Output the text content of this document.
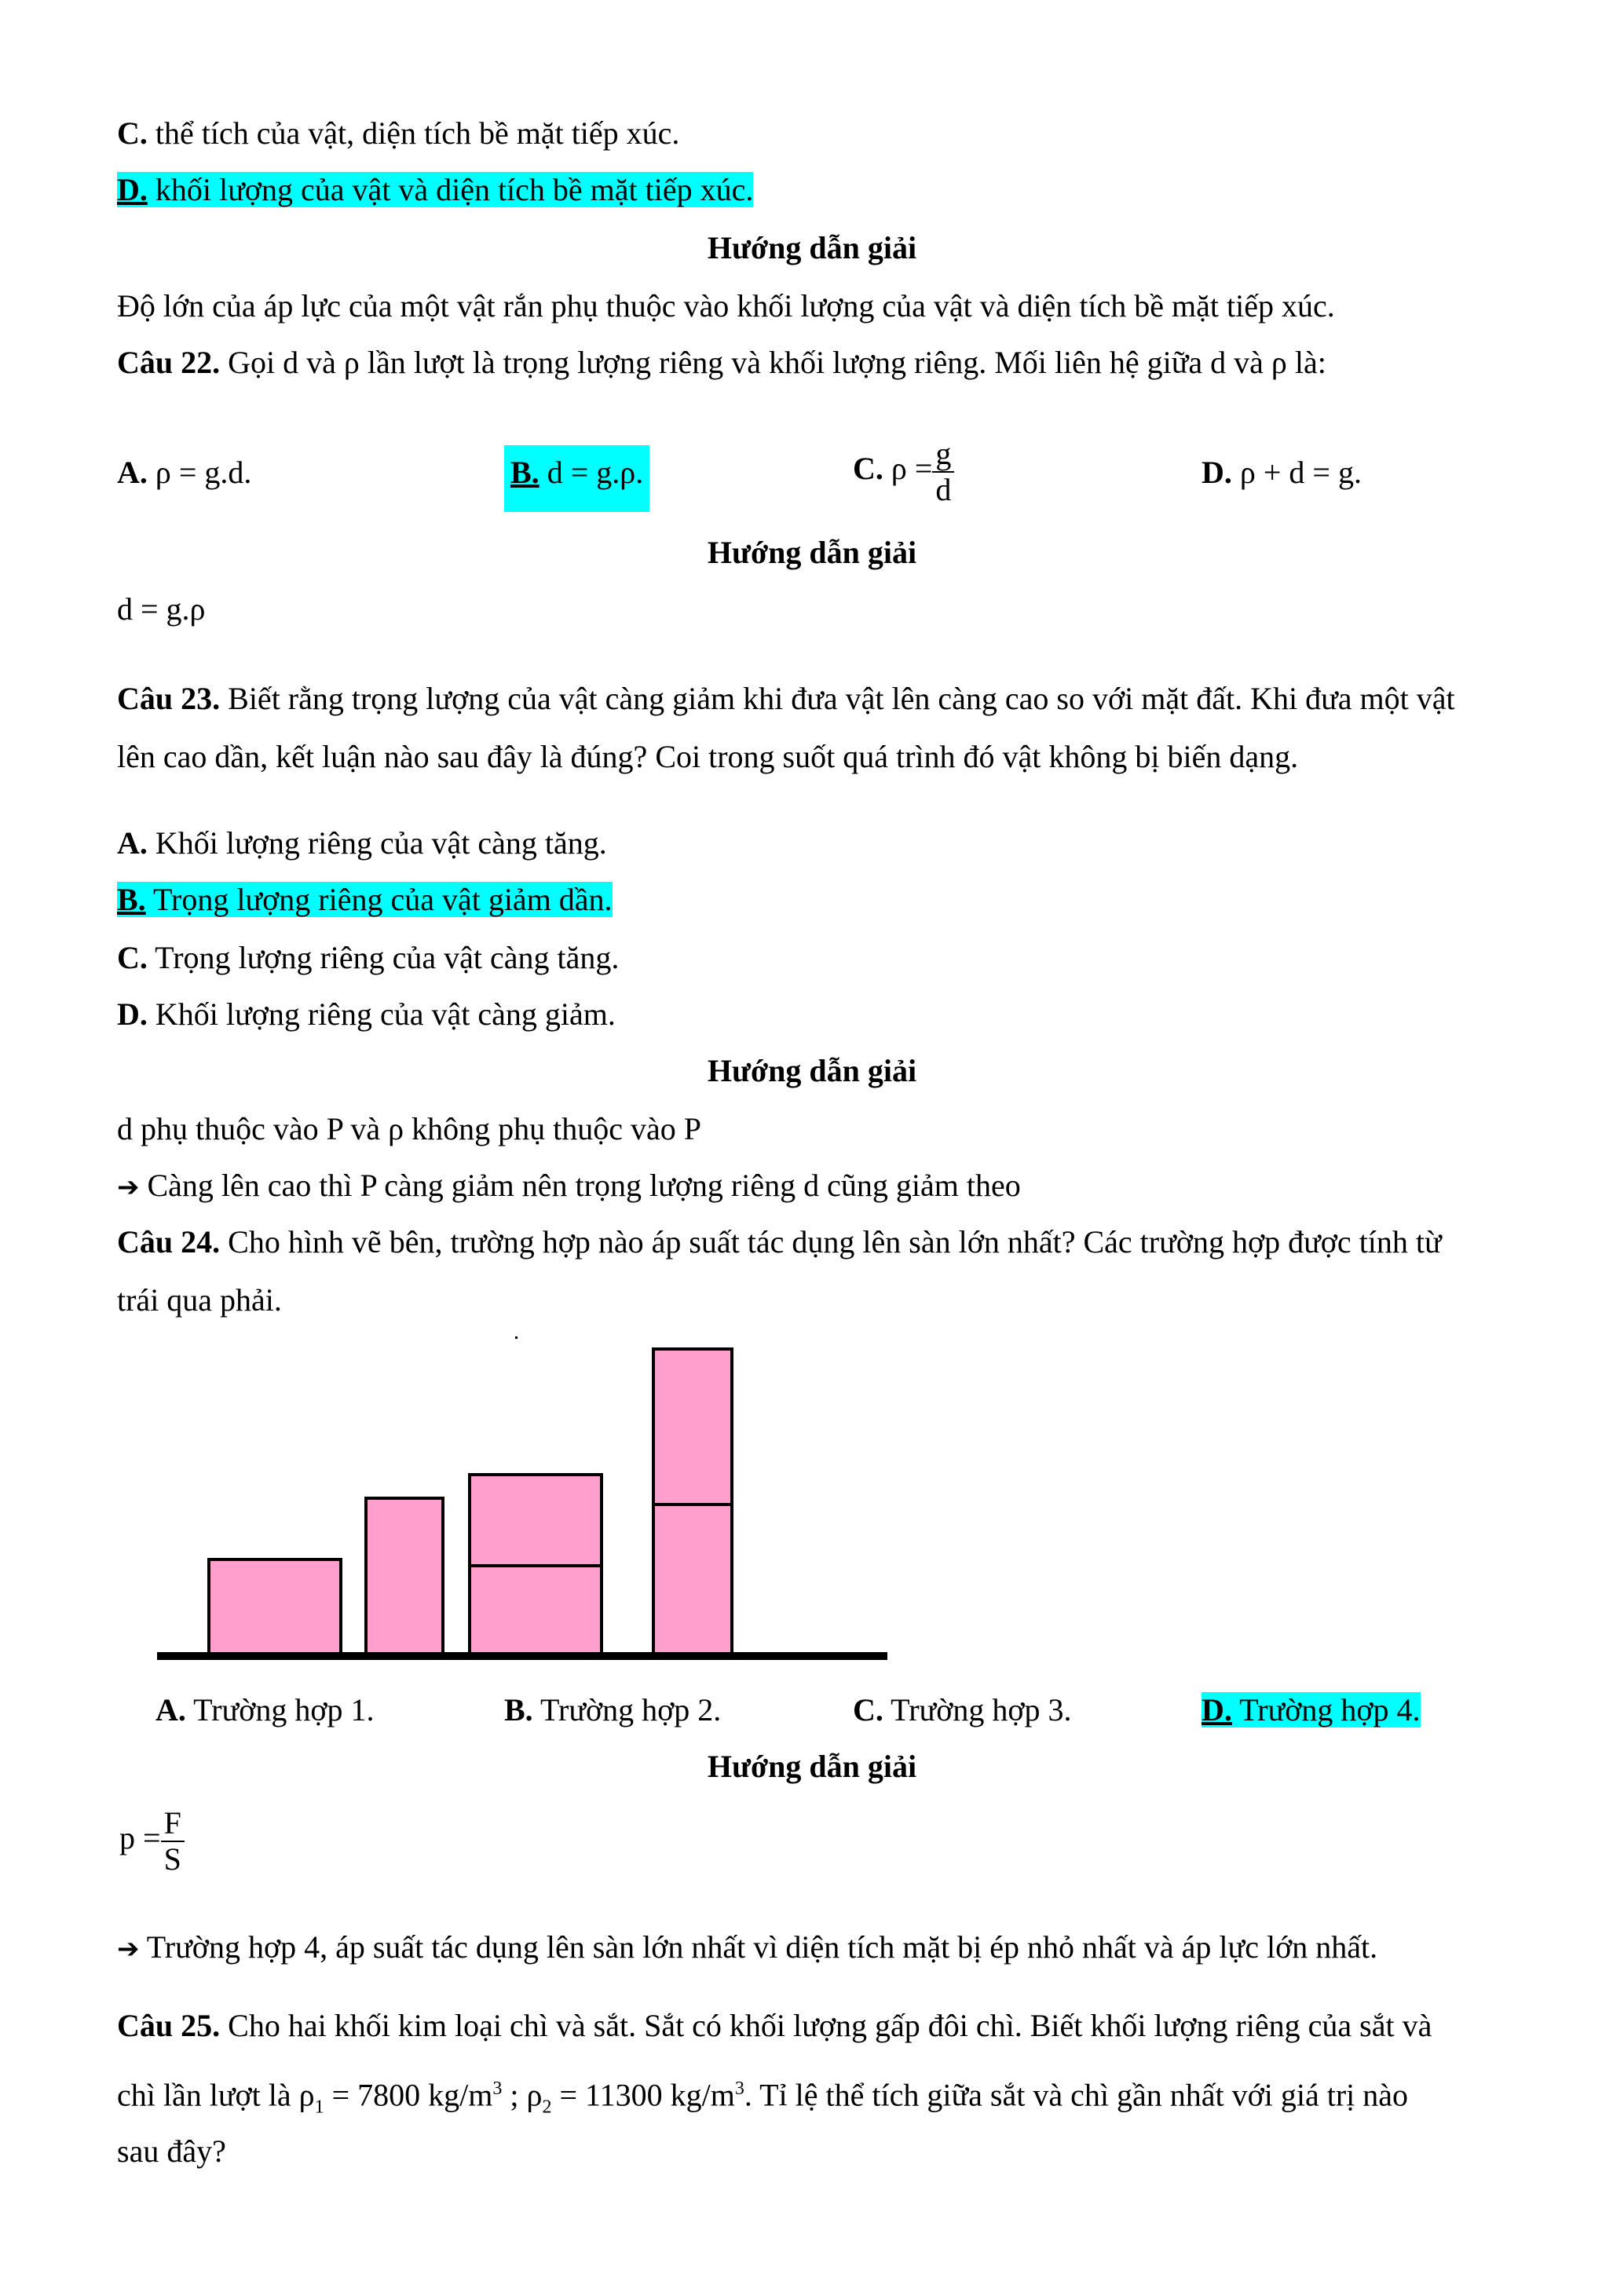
C. thể tích của vật, diện tích bề mặt tiếp xúc.
D. khối lượng của vật và diện tích bề mặt tiếp xúc.
Hướng dẫn giải
Độ lớn của áp lực của một vật rắn phụ thuộc vào khối lượng của vật và diện tích bề mặt tiếp xúc.
Câu 22. Gọi d và ρ lần lượt là trọng lượng riêng và khối lượng riêng. Mối liên hệ giữa d và ρ là:
A. ρ = g.d.	B. d = g.ρ.	C. $\rho = \frac{g}{d}$	D. ρ + d = g.
Hướng dẫn giải
d = g.ρ
Câu 23. Biết rằng trọng lượng của vật càng giảm khi đưa vật lên càng cao so với mặt đất. Khi đưa một vật
lên cao dần, kết luận nào sau đây là đúng? Coi trong suốt quá trình đó vật không bị biến dạng.
A. Khối lượng riêng của vật càng tăng.
B. Trọng lượng riêng của vật giảm dần.
C. Trọng lượng riêng của vật càng tăng.
D. Khối lượng riêng của vật càng giảm.
Hướng dẫn giải
d phụ thuộc vào P và ρ không phụ thuộc vào P
➔ Càng lên cao thì P càng giảm nên trọng lượng riêng d cũng giảm theo
Câu 24. Cho hình vẽ bên, trường hợp nào áp suất tác dụng lên sàn lớn nhất? Các trường hợp được tính từ
trái qua phải.
A. Trường hợp 1.	B. Trường hợp 2.	C. Trường hợp 3.	D. Trường hợp 4.
Hướng dẫn giải
$p = \frac{F}{S}$
➔ Trường hợp 4, áp suất tác dụng lên sàn lớn nhất vì diện tích mặt bị ép nhỏ nhất và áp lực lớn nhất.
Câu 25. Cho hai khối kim loại chì và sắt. Sắt có khối lượng gấp đôi chì. Biết khối lượng riêng của sắt và
chì lần lượt là $\rho_1 = 7800$ $kg/m^3$ ; $\rho_2 = 11300$ $kg/m^3$. Tỉ lệ thể tích giữa sắt và chì gần nhất với giá trị nào
sau đây?
